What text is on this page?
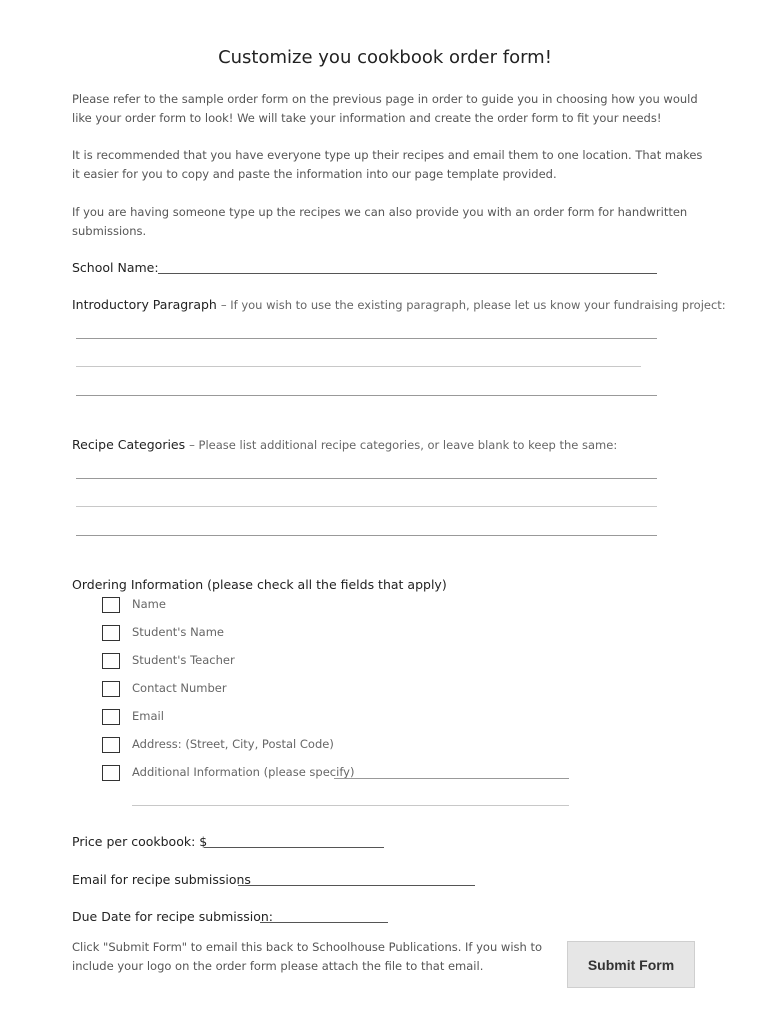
Customize you cookbook order form!
Please refer to the sample order form on the previous page in order to guide you in choosing how you would like your order form to look! We will take your information and create the order form to fit your needs!
It is recommended that you have everyone type up their recipes and email them to one location. That makes it easier for you to copy and paste the information into our page template provided.
If you are having someone type up the recipes we can also provide you with an order form for handwritten submissions.
School Name:
Introductory Paragraph – If you wish to use the existing paragraph, please let us know your fundraising project:
Recipe Categories – Please list additional recipe categories, or leave blank to keep the same:
Ordering Information (please check all the fields that apply)
Name
Student's Name
Student's Teacher
Contact Number
Email
Address: (Street, City, Postal Code)
Additional Information (please specify)
Price per cookbook: $
Email for recipe submissions
Due Date for recipe submission:
Click "Submit Form" to email this back to Schoolhouse Publications. If you wish to include your logo on the order form please attach the file to that email.	Submit Form
